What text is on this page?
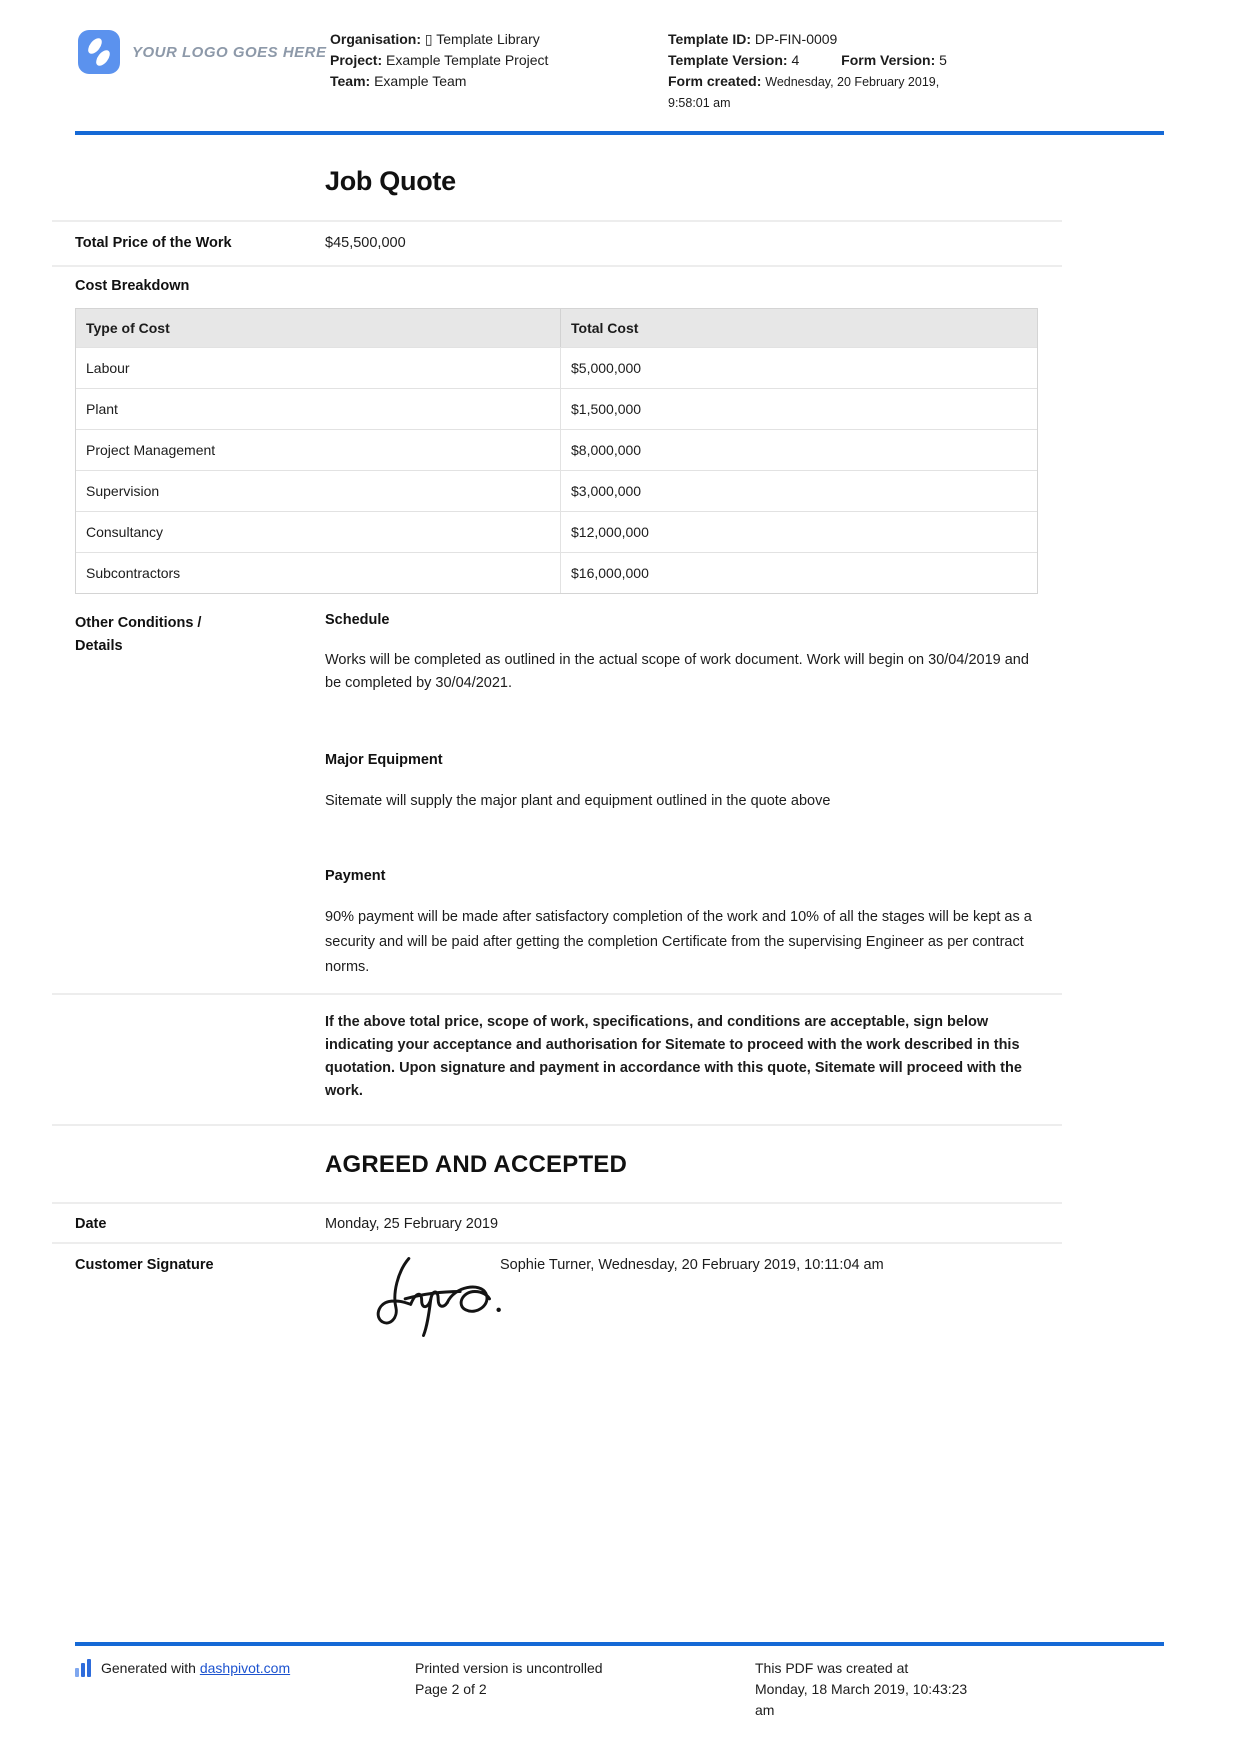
YOUR LOGO GOES HERE
Organisation: ▯ Template Library
Project: Example Template Project
Team: Example Team
Template ID: DP-FIN-0009
Template Version: 4	Form Version: 5
Form created: Wednesday, 20 February 2019,
9:58:01 am
Job Quote
Total Price of the Work	$45,500,000
Cost Breakdown
Type of Cost	Total Cost
Labour	$5,000,000
Plant	$1,500,000
Project Management	$8,000,000
Supervision	$3,000,000
Consultancy	$12,000,000
Subcontractors	$16,000,000
Other Conditions / Details
Schedule
Works will be completed as outlined in the actual scope of work document. Work will begin on 30/04/2019 and be completed by 30/04/2021.
Major Equipment
Sitemate will supply the major plant and equipment outlined in the quote above
Payment
90% payment will be made after satisfactory completion of the work and 10% of all the stages will be kept as a security and will be paid after getting the completion Certificate from the supervising Engineer as per contract norms.
If the above total price, scope of work, specifications, and conditions are acceptable, sign below indicating your acceptance and authorisation for Sitemate to proceed with the work described in this quotation. Upon signature and payment in accordance with this quote, Sitemate will proceed with the work.
AGREED AND ACCEPTED
Date	Monday, 25 February 2019
Customer Signature	Sophie Turner, Wednesday, 20 February 2019, 10:11:04 am
Generated with dashpivot.com	Printed version is uncontrolled
Page 2 of 2
This PDF was created at
Monday, 18 March 2019, 10:43:23
am
